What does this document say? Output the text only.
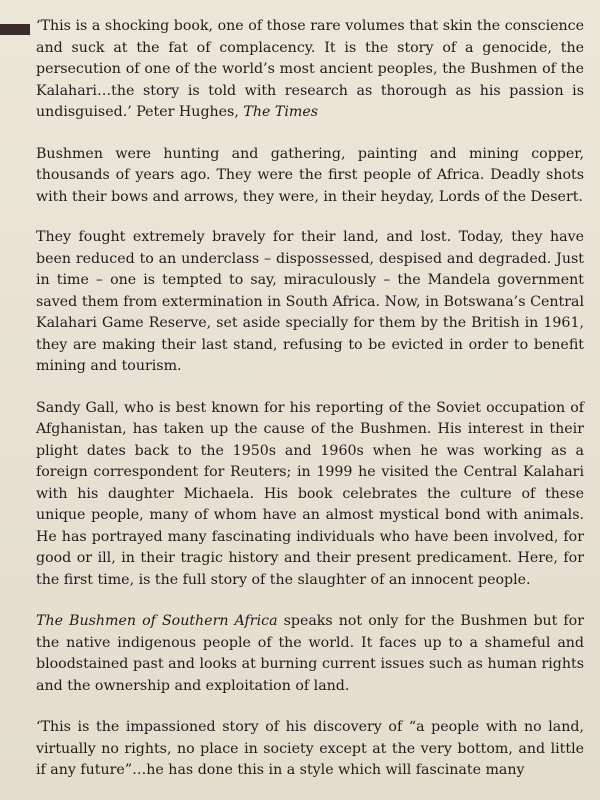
‘This is a shocking book, one of those rare volumes that skin the conscience and suck at the fat of complacency. It is the story of a genocide, the persecution of one of the world’s most ancient peoples, the Bushmen of the Kalahari…the story is told with research as thorough as his passion is undisguised.’ Peter Hughes, The Times

Bushmen were hunting and gathering, painting and mining copper, thousands of years ago. They were the first people of Africa. Deadly shots with their bows and arrows, they were, in their heyday, Lords of the Desert.

They fought extremely bravely for their land, and lost. Today, they have been reduced to an underclass – dispossessed, despised and degraded. Just in time – one is tempted to say, miraculously – the Mandela government saved them from extermination in South Africa. Now, in Botswana’s Central Kalahari Game Reserve, set aside specially for them by the British in 1961, they are making their last stand, refusing to be evicted in order to benefit mining and tourism.

Sandy Gall, who is best known for his reporting of the Soviet occupation of Afghanistan, has taken up the cause of the Bushmen. His interest in their plight dates back to the 1950s and 1960s when he was working as a foreign correspondent for Reuters; in 1999 he visited the Central Kalahari with his daughter Michaela. His book celebrates the culture of these unique people, many of whom have an almost mystical bond with animals. He has portrayed many fascinating individuals who have been involved, for good or ill, in their tragic history and their present predicament. Here, for the first time, is the full story of the slaughter of an innocent people.

The Bushmen of Southern Africa speaks not only for the Bushmen but for the native indigenous people of the world. It faces up to a shameful and bloodstained past and looks at burning current issues such as human rights and the ownership and exploitation of land.

‘This is the impassioned story of his discovery of “a people with no land, virtually no rights, no place in society except at the very bottom, and little if any future”…he has done this in a style which will fascinate many
